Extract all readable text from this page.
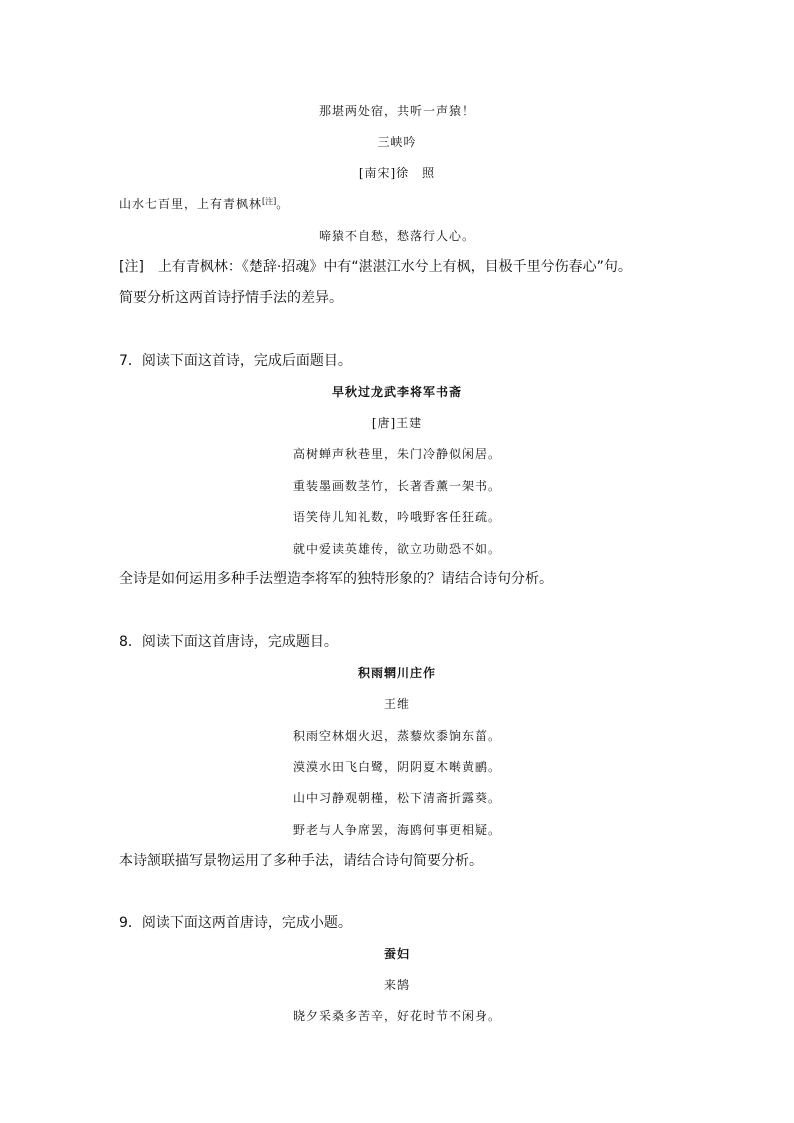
那堪两处宿，共听一声猿！
三峡吟
[南宋]徐　照
山水七百里，上有青枫林[注]。
啼猿不自愁，愁落行人心。
[注]　上有青枫林：《楚辞·招魂》中有“湛湛江水兮上有枫，目极千里兮伤春心”句。
简要分析这两首诗抒情手法的差异。
7．阅读下面这首诗，完成后面题目。
早秋过龙武李将军书斋
[唐]王建
高树蝉声秋巷里，朱门冷静似闲居。
重装墨画数茎竹，长著香薰一架书。
语笑侍儿知礼数，吟哦野客任狂疏。
就中爱读英雄传，欲立功勋恐不如。
全诗是如何运用多种手法塑造李将军的独特形象的？请结合诗句分析。
8．阅读下面这首唐诗，完成题目。
积雨辋川庄作
王维
积雨空林烟火迟，蒸藜炊黍饷东菑。
漠漠水田飞白鹭，阴阴夏木啭黄鹂。
山中习静观朝槿，松下清斋折露葵。
野老与人争席罢，海鸥何事更相疑。
本诗颔联描写景物运用了多种手法，请结合诗句简要分析。
9．阅读下面这两首唐诗，完成小题。
蚕妇
来鹄
晓夕采桑多苦辛，好花时节不闲身。
